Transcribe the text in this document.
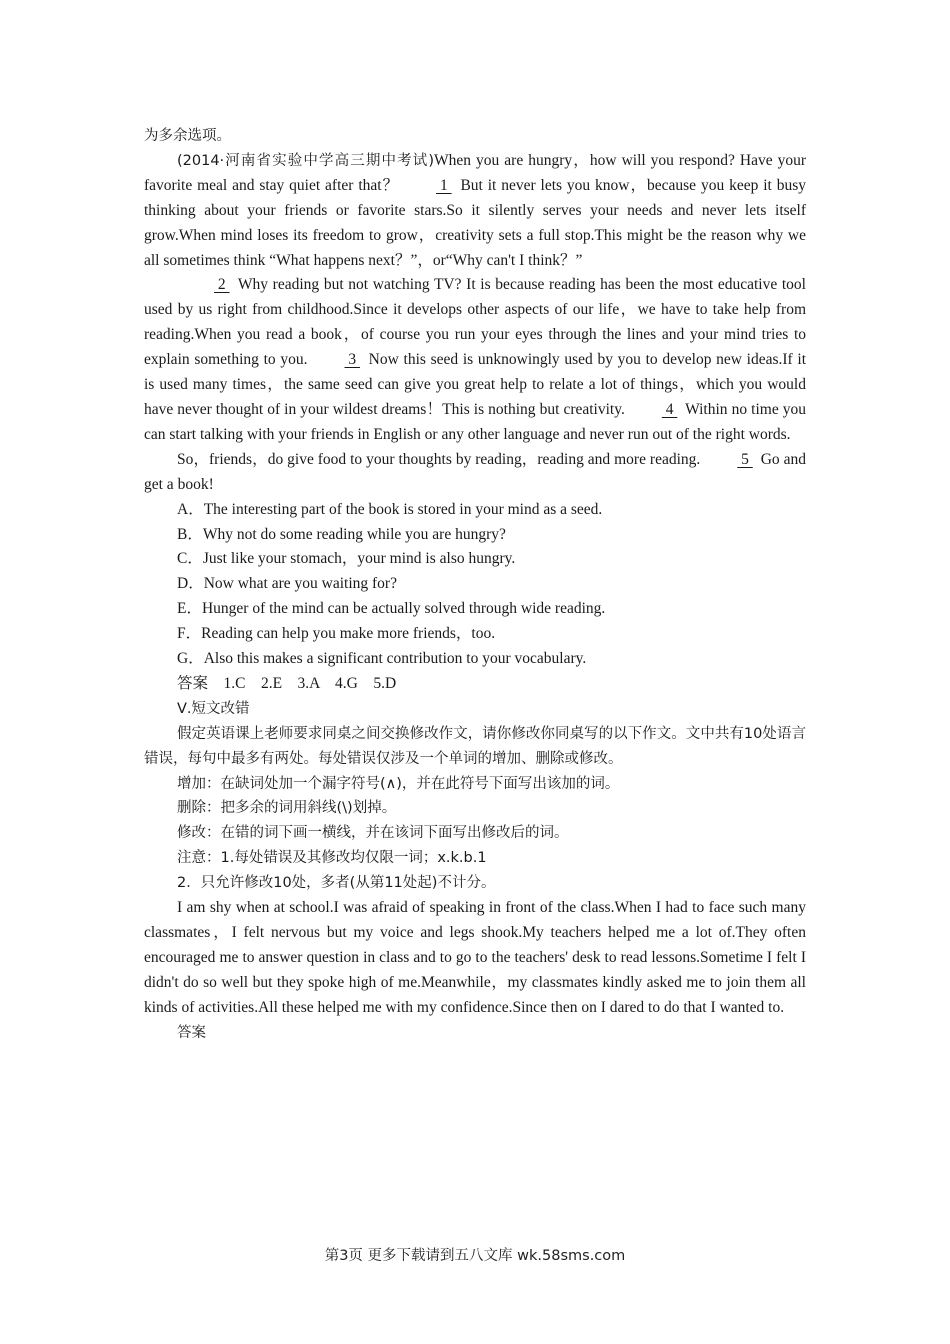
为多余选项。

(2014·河南省实验中学高三期中考试)When you are hungry，how will you respond? Have your favorite meal and stay quiet after that？ 1  But it never lets you know，because you keep it busy thinking about your friends or favorite stars.So it silently serves your needs and never lets itself grow.When mind loses its freedom to grow，creativity sets a full stop.This might be the reason why we all sometimes think “What happens next？”，or“Why can't I think？”

2  Why reading but not watching TV? It is because reading has been the most educative tool used by us right from childhood.Since it develops other aspects of our life，we have to take help from reading.When you read a book，of course you run your eyes through the lines and your mind tries to explain something to you. 3  Now this seed is unknowingly used by you to develop new ideas.If it is used many times，the same seed can give you great help to relate a lot of things，which you would have never thought of in your wildest dreams！This is nothing but creativity. 4  Within no time you can start talking with your friends in English or any other language and never run out of the right words.

So，friends，do give food to your thoughts by reading，reading and more reading. 5  Go and get a book!

A．The interesting part of the book is stored in your mind as a seed.

B．Why not do some reading while you are hungry?

C．Just like your stomach，your mind is also hungry.

D．Now what are you waiting for?

E．Hunger of the mind can be actually solved through wide reading.

F．Reading can help you make more friends，too.

G．Also this makes a significant contribution to your vocabulary.

答案　1.C　2.E　3.A　4.G　5.D

Ⅴ.短文改错

假定英语课上老师要求同桌之间交换修改作文，请你修改你同桌写的以下作文。文中共有10处语言错误，每句中最多有两处。每处错误仅涉及一个单词的增加、删除或修改。

增加：在缺词处加一个漏字符号(∧)，并在此符号下面写出该加的词。

删除：把多余的词用斜线(\)划掉。

修改：在错的词下画一横线，并在该词下面写出修改后的词。

注意：1.每处错误及其修改均仅限一词；x.k.b.1

2．只允许修改10处，多者(从第11处起)不计分。

I am shy when at school.I was afraid of speaking in front of the class.When I had to face such many classmates，I felt nervous but my voice and legs shook.My teachers helped me a lot of.They often encouraged me to answer question in class and to go to the teachers' desk to read lessons.Sometime I felt I didn't do so well but they spoke high of me.Meanwhile，my classmates kindly asked me to join them all kinds of activities.All these helped me with my confidence.Since then on I dared to do that I wanted to.

答案

第3页 更多下载请到五八文库 wk.58sms.com
